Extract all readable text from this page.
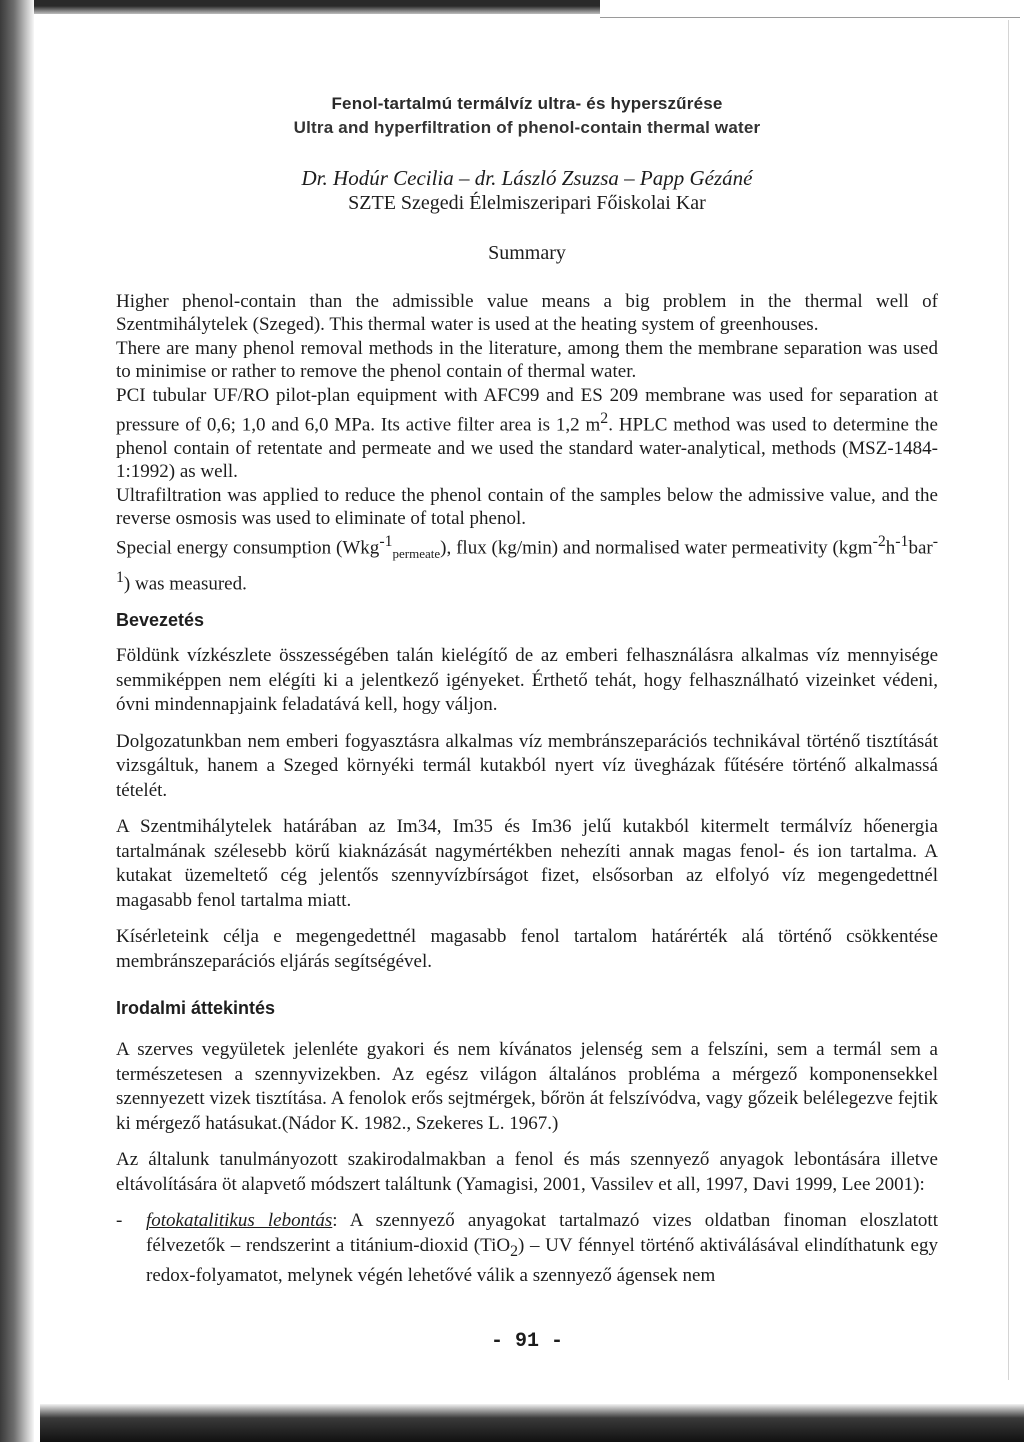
Fenol-tartalmú termálvíz ultra- és hyperszűrése
Ultra and hyperfiltration of phenol-contain thermal water
Dr. Hodúr Cecilia – dr. László Zsuzsa – Papp Gézáné
SZTE Szegedi Élelmiszeripari Főiskolai Kar
Summary

Higher phenol-contain than the admissible value means a big problem in the thermal well of Szentmihálytelek (Szeged). This thermal water is used at the heating system of greenhouses.

There are many phenol removal methods in the literature, among them the membrane separation was used to minimise or rather to remove the phenol contain of thermal water.

PCI tubular UF/RO pilot-plan equipment with AFC99 and ES 209 membrane was used for separation at pressure of 0,6; 1,0 and 6,0 MPa. Its active filter area is 1,2 $m^2$. HPLC method was used to determine the phenol contain of retentate and permeate and we used the standard water-analytical, methods (MSZ-1484-1:1992) as well.

Ultrafiltration was applied to reduce the phenol contain of the samples below the admissive value, and the reverse osmosis was used to eliminate of total phenol.

Special energy consumption (Wkg$^{-1}_{permeate}$), flux (kg/min) and normalised water permeativity $(kgm^{-2}h^{-1}bar^{-1})$ was measured.

Bevezetés

Földünk vízkészlete összességében talán kielégítő de az emberi felhasználásra alkalmas víz mennyisége semmiképpen nem elégíti ki a jelentkező igényeket. Érthető tehát, hogy felhasználható vizeinket védeni, óvni mindennapjaink feladatává kell, hogy váljon.

Dolgozatunkban nem emberi fogyasztásra alkalmas víz membránszeparációs technikával történő tisztítását vizsgáltuk, hanem a Szeged környéki termál kutakból nyert víz üvegházak fűtésére történő alkalmassá tételét.

A Szentmihálytelek határában az Im34, Im35 és Im36 jelű kutakból kitermelt termálvíz hőenergia tartalmának szélesebb körű kiaknázását nagymértékben nehezíti annak magas fenol- és ion tartalma. A kutakat üzemeltető cég jelentős szennyvízbírságot fizet, elsősorban az elfolyó víz megengedettnél magasabb fenol tartalma miatt.

Kísérleteink célja e megengedettnél magasabb fenol tartalom határérték alá történő csökkentése membránszeparációs eljárás segítségével.

Irodalmi áttekintés

A szerves vegyületek jelenléte gyakori és nem kívánatos jelenség sem a felszíni, sem a termál sem a természetesen a szennyvizekben. Az egész világon általános probléma a mérgező komponensekkel szennyezett vizek tisztítása. A fenolok erős sejtmérgek, bőrön át felszívódva, vagy gőzeik belélegezve fejtik ki mérgező hatásukat.(Nádor K. 1982., Szekeres L. 1967.)

Az általunk tanulmányozott szakirodalmakban a fenol és más szennyező anyagok lebontására illetve eltávolítására öt alapvető módszert találtunk (Yamagisi, 2001, Vassilev et all, 1997, Davi 1999, Lee 2001):

-	fotokatalitikus lebontás: A szennyező anyagokat tartalmazó vizes oldatban finoman eloszlatott félvezetők – rendszerint a titánium-dioxid (TiO$_2$) – UV fénnyel történő aktiválásával elindíthatunk egy redox-folyamatot, melynek végén lehetővé válik a szennyező ágensek nem
- 91 -
